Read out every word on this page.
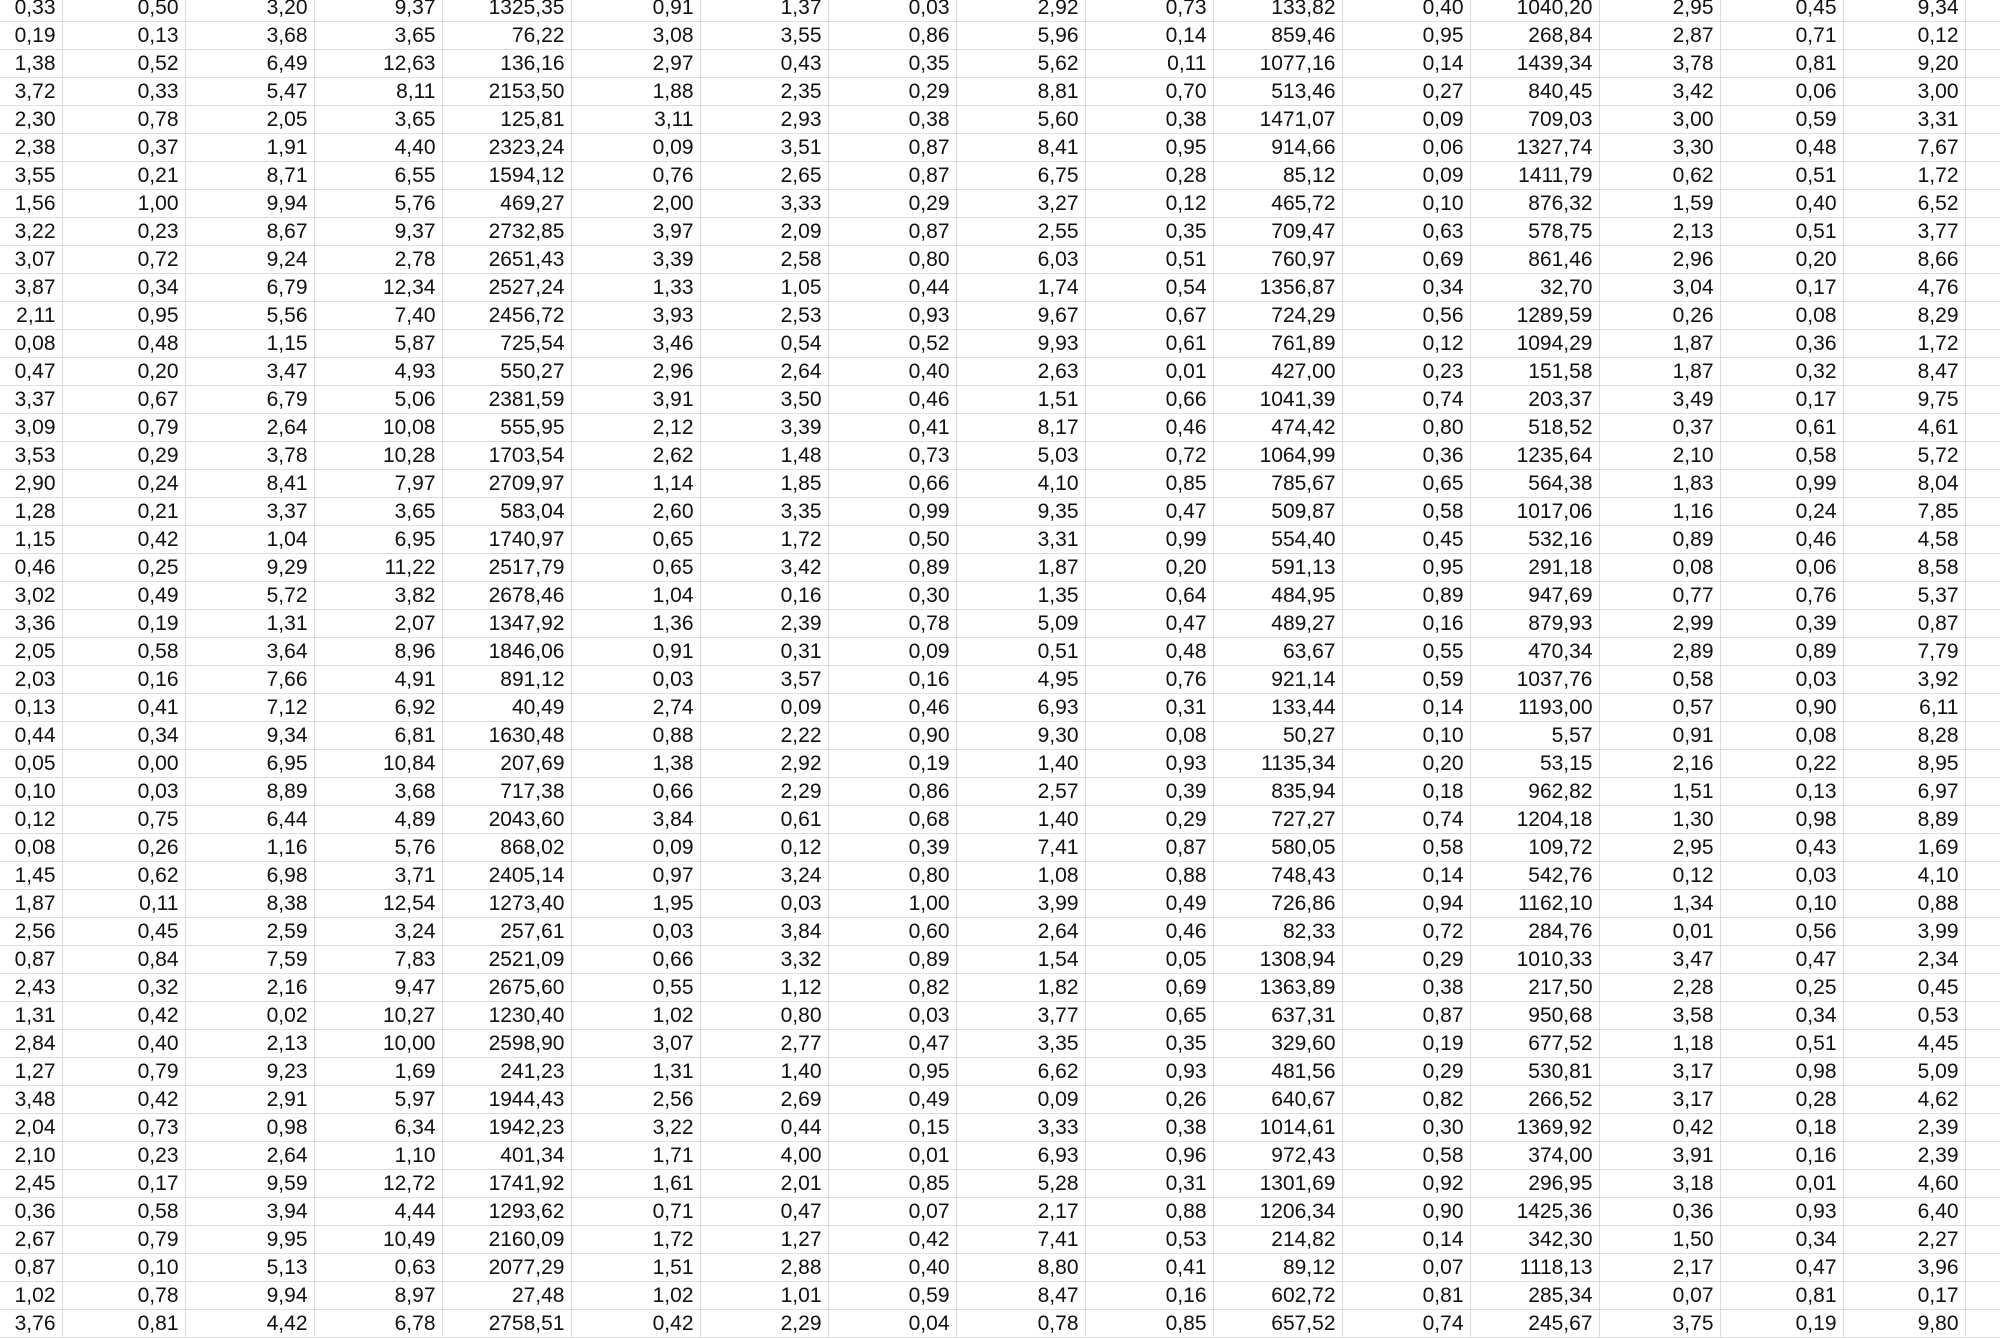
0,33	0,50	3,20	9,37	1325,35	0,91	1,37	0,03	2,92	0,73	133,82	0,40	1040,20	2,95	0,45	9,34	
0,19	0,13	3,68	3,65	76,22	3,08	3,55	0,86	5,96	0,14	859,46	0,95	268,84	2,87	0,71	0,12	
1,38	0,52	6,49	12,63	136,16	2,97	0,43	0,35	5,62	0,11	1077,16	0,14	1439,34	3,78	0,81	9,20	
3,72	0,33	5,47	8,11	2153,50	1,88	2,35	0,29	8,81	0,70	513,46	0,27	840,45	3,42	0,06	3,00	
2,30	0,78	2,05	3,65	125,81	3,11	2,93	0,38	5,60	0,38	1471,07	0,09	709,03	3,00	0,59	3,31	
2,38	0,37	1,91	4,40	2323,24	0,09	3,51	0,87	8,41	0,95	914,66	0,06	1327,74	3,30	0,48	7,67	
3,55	0,21	8,71	6,55	1594,12	0,76	2,65	0,87	6,75	0,28	85,12	0,09	1411,79	0,62	0,51	1,72	
1,56	1,00	9,94	5,76	469,27	2,00	3,33	0,29	3,27	0,12	465,72	0,10	876,32	1,59	0,40	6,52	
3,22	0,23	8,67	9,37	2732,85	3,97	2,09	0,87	2,55	0,35	709,47	0,63	578,75	2,13	0,51	3,77	
3,07	0,72	9,24	2,78	2651,43	3,39	2,58	0,80	6,03	0,51	760,97	0,69	861,46	2,96	0,20	8,66	
3,87	0,34	6,79	12,34	2527,24	1,33	1,05	0,44	1,74	0,54	1356,87	0,34	32,70	3,04	0,17	4,76	
2,11	0,95	5,56	7,40	2456,72	3,93	2,53	0,93	9,67	0,67	724,29	0,56	1289,59	0,26	0,08	8,29	
0,08	0,48	1,15	5,87	725,54	3,46	0,54	0,52	9,93	0,61	761,89	0,12	1094,29	1,87	0,36	1,72	
0,47	0,20	3,47	4,93	550,27	2,96	2,64	0,40	2,63	0,01	427,00	0,23	151,58	1,87	0,32	8,47	
3,37	0,67	6,79	5,06	2381,59	3,91	3,50	0,46	1,51	0,66	1041,39	0,74	203,37	3,49	0,17	9,75	
3,09	0,79	2,64	10,08	555,95	2,12	3,39	0,41	8,17	0,46	474,42	0,80	518,52	0,37	0,61	4,61	
3,53	0,29	3,78	10,28	1703,54	2,62	1,48	0,73	5,03	0,72	1064,99	0,36	1235,64	2,10	0,58	5,72	
2,90	0,24	8,41	7,97	2709,97	1,14	1,85	0,66	4,10	0,85	785,67	0,65	564,38	1,83	0,99	8,04	
1,28	0,21	3,37	3,65	583,04	2,60	3,35	0,99	9,35	0,47	509,87	0,58	1017,06	1,16	0,24	7,85	
1,15	0,42	1,04	6,95	1740,97	0,65	1,72	0,50	3,31	0,99	554,40	0,45	532,16	0,89	0,46	4,58	
0,46	0,25	9,29	11,22	2517,79	0,65	3,42	0,89	1,87	0,20	591,13	0,95	291,18	0,08	0,06	8,58	
3,02	0,49	5,72	3,82	2678,46	1,04	0,16	0,30	1,35	0,64	484,95	0,89	947,69	0,77	0,76	5,37	
3,36	0,19	1,31	2,07	1347,92	1,36	2,39	0,78	5,09	0,47	489,27	0,16	879,93	2,99	0,39	0,87	
2,05	0,58	3,64	8,96	1846,06	0,91	0,31	0,09	0,51	0,48	63,67	0,55	470,34	2,89	0,89	7,79	
2,03	0,16	7,66	4,91	891,12	0,03	3,57	0,16	4,95	0,76	921,14	0,59	1037,76	0,58	0,03	3,92	
0,13	0,41	7,12	6,92	40,49	2,74	0,09	0,46	6,93	0,31	133,44	0,14	1193,00	0,57	0,90	6,11	
0,44	0,34	9,34	6,81	1630,48	0,88	2,22	0,90	9,30	0,08	50,27	0,10	5,57	0,91	0,08	8,28	
0,05	0,00	6,95	10,84	207,69	1,38	2,92	0,19	1,40	0,93	1135,34	0,20	53,15	2,16	0,22	8,95	
0,10	0,03	8,89	3,68	717,38	0,66	2,29	0,86	2,57	0,39	835,94	0,18	962,82	1,51	0,13	6,97	
0,12	0,75	6,44	4,89	2043,60	3,84	0,61	0,68	1,40	0,29	727,27	0,74	1204,18	1,30	0,98	8,89	
0,08	0,26	1,16	5,76	868,02	0,09	0,12	0,39	7,41	0,87	580,05	0,58	109,72	2,95	0,43	1,69	
1,45	0,62	6,98	3,71	2405,14	0,97	3,24	0,80	1,08	0,88	748,43	0,14	542,76	0,12	0,03	4,10	
1,87	0,11	8,38	12,54	1273,40	1,95	0,03	1,00	3,99	0,49	726,86	0,94	1162,10	1,34	0,10	0,88	
2,56	0,45	2,59	3,24	257,61	0,03	3,84	0,60	2,64	0,46	82,33	0,72	284,76	0,01	0,56	3,99	
0,87	0,84	7,59	7,83	2521,09	0,66	3,32	0,89	1,54	0,05	1308,94	0,29	1010,33	3,47	0,47	2,34	
2,43	0,32	2,16	9,47	2675,60	0,55	1,12	0,82	1,82	0,69	1363,89	0,38	217,50	2,28	0,25	0,45	
1,31	0,42	0,02	10,27	1230,40	1,02	0,80	0,03	3,77	0,65	637,31	0,87	950,68	3,58	0,34	0,53	
2,84	0,40	2,13	10,00	2598,90	3,07	2,77	0,47	3,35	0,35	329,60	0,19	677,52	1,18	0,51	4,45	
1,27	0,79	9,23	1,69	241,23	1,31	1,40	0,95	6,62	0,93	481,56	0,29	530,81	3,17	0,98	5,09	
3,48	0,42	2,91	5,97	1944,43	2,56	2,69	0,49	0,09	0,26	640,67	0,82	266,52	3,17	0,28	4,62	
2,04	0,73	0,98	6,34	1942,23	3,22	0,44	0,15	3,33	0,38	1014,61	0,30	1369,92	0,42	0,18	2,39	
2,10	0,23	2,64	1,10	401,34	1,71	4,00	0,01	6,93	0,96	972,43	0,58	374,00	3,91	0,16	2,39	
2,45	0,17	9,59	12,72	1741,92	1,61	2,01	0,85	5,28	0,31	1301,69	0,92	296,95	3,18	0,01	4,60	
0,36	0,58	3,94	4,44	1293,62	0,71	0,47	0,07	2,17	0,88	1206,34	0,90	1425,36	0,36	0,93	6,40	
2,67	0,79	9,95	10,49	2160,09	1,72	1,27	0,42	7,41	0,53	214,82	0,14	342,30	1,50	0,34	2,27	
0,87	0,10	5,13	0,63	2077,29	1,51	2,88	0,40	8,80	0,41	89,12	0,07	1118,13	2,17	0,47	3,96	
1,02	0,78	9,94	8,97	27,48	1,02	1,01	0,59	8,47	0,16	602,72	0,81	285,34	0,07	0,81	0,17	
3,76	0,81	4,42	6,78	2758,51	0,42	2,29	0,04	0,78	0,85	657,52	0,74	245,67	3,75	0,19	9,80	
